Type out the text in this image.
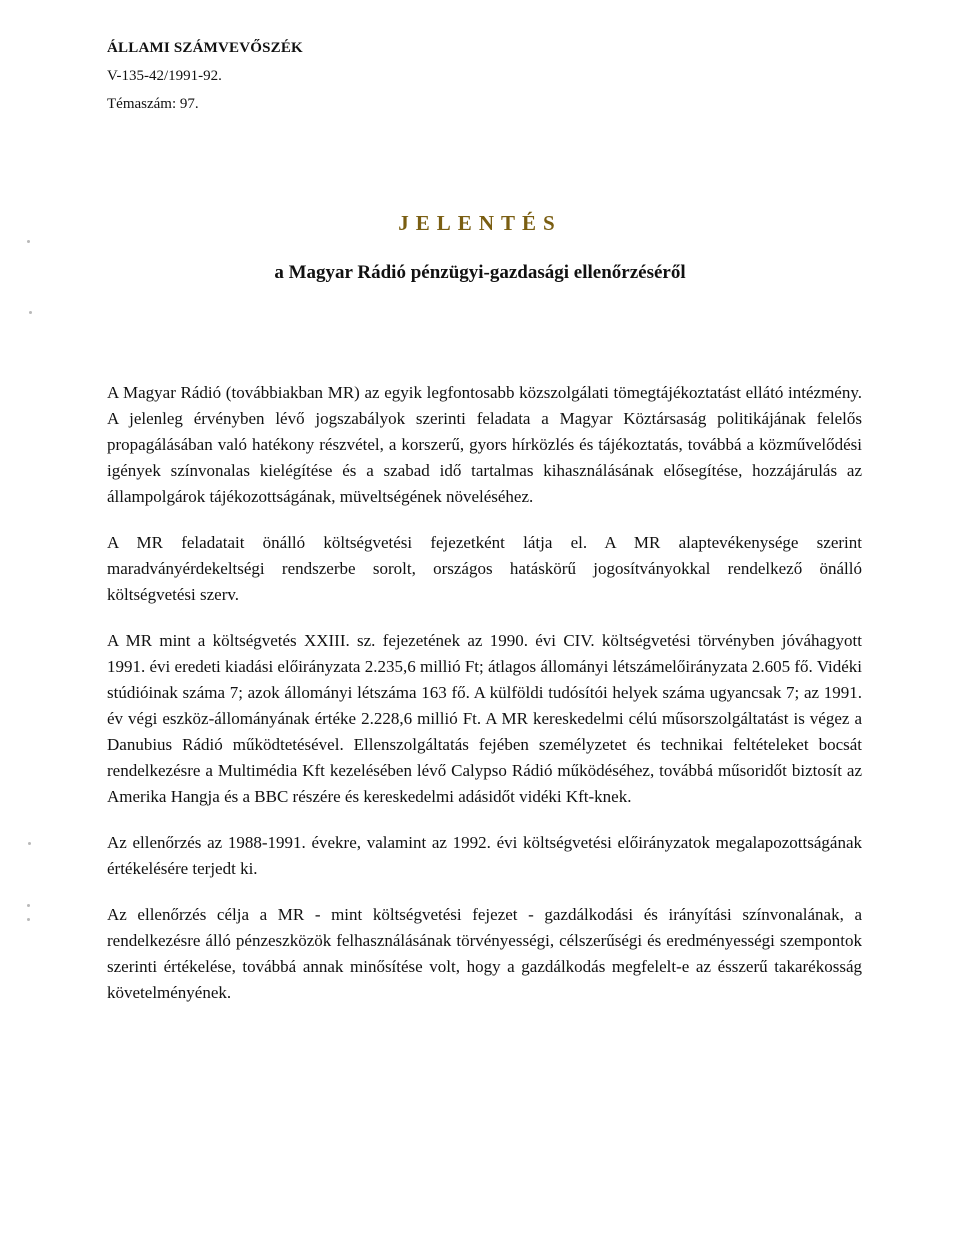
ÁLLAMI SZÁMVEVŐSZÉK
V-135-42/1991-92.
Témaszám: 97.
JELENTÉS
a Magyar Rádió pénzügyi-gazdasági ellenőrzéséről

A Magyar Rádió (továbbiakban MR) az egyik legfontosabb közszolgálati tömegtájékoztatást ellátó intézmény. A jelenleg érvényben lévő jogszabályok szerinti feladata a Magyar Köztársaság politikájának felelős propagálásában való hatékony részvétel, a korszerű, gyors hírközlés és tájékoztatás, továbbá a közművelődési igények színvonalas kielégítése és a szabad idő tartalmas kihasználásának elősegítése, hozzájárulás az állampolgárok tájékozottságának, müveltségének növeléséhez.

A MR feladatait önálló költségvetési fejezetként látja el. A MR alaptevékenysége szerint maradványérdekeltségi rendszerbe sorolt, országos hatáskörű jogosítványokkal rendelkező önálló költségvetési szerv.

A MR mint a költségvetés XXIII. sz. fejezetének az 1990. évi CIV. költségvetési törvényben jóváhagyott 1991. évi eredeti kiadási előirányzata 2.235,6 millió Ft; átlagos állományi létszámelőirányzata 2.605 fő. Vidéki stúdióinak száma 7; azok állományi létszáma 163 fő. A külföldi tudósítói helyek száma ugyancsak 7; az 1991. év végi eszköz-állományának értéke 2.228,6 millió Ft. A MR kereskedelmi célú műsorszolgáltatást is végez a Danubius Rádió működtetésével. Ellenszolgáltatás fejében személyzetet és technikai feltételeket bocsát rendelkezésre a Multimédia Kft kezelésében lévő Calypso Rádió működéséhez, továbbá műsoridőt biztosít az Amerika Hangja és a BBC részére és kereskedelmi adásidőt vidéki Kft-knek.

Az ellenőrzés az 1988-1991. évekre, valamint az 1992. évi költségvetési előirányzatok megalapozottságának értékelésére terjedt ki.

Az ellenőrzés célja a MR - mint költségvetési fejezet - gazdálkodási és irányítási színvonalának, a rendelkezésre álló pénzeszközök felhasználásának törvényességi, célszerűségi és eredményességi szempontok szerinti értékelése, továbbá annak minősítése volt, hogy a gazdálkodás megfelelt-e az ésszerű takarékosság követelményének.
